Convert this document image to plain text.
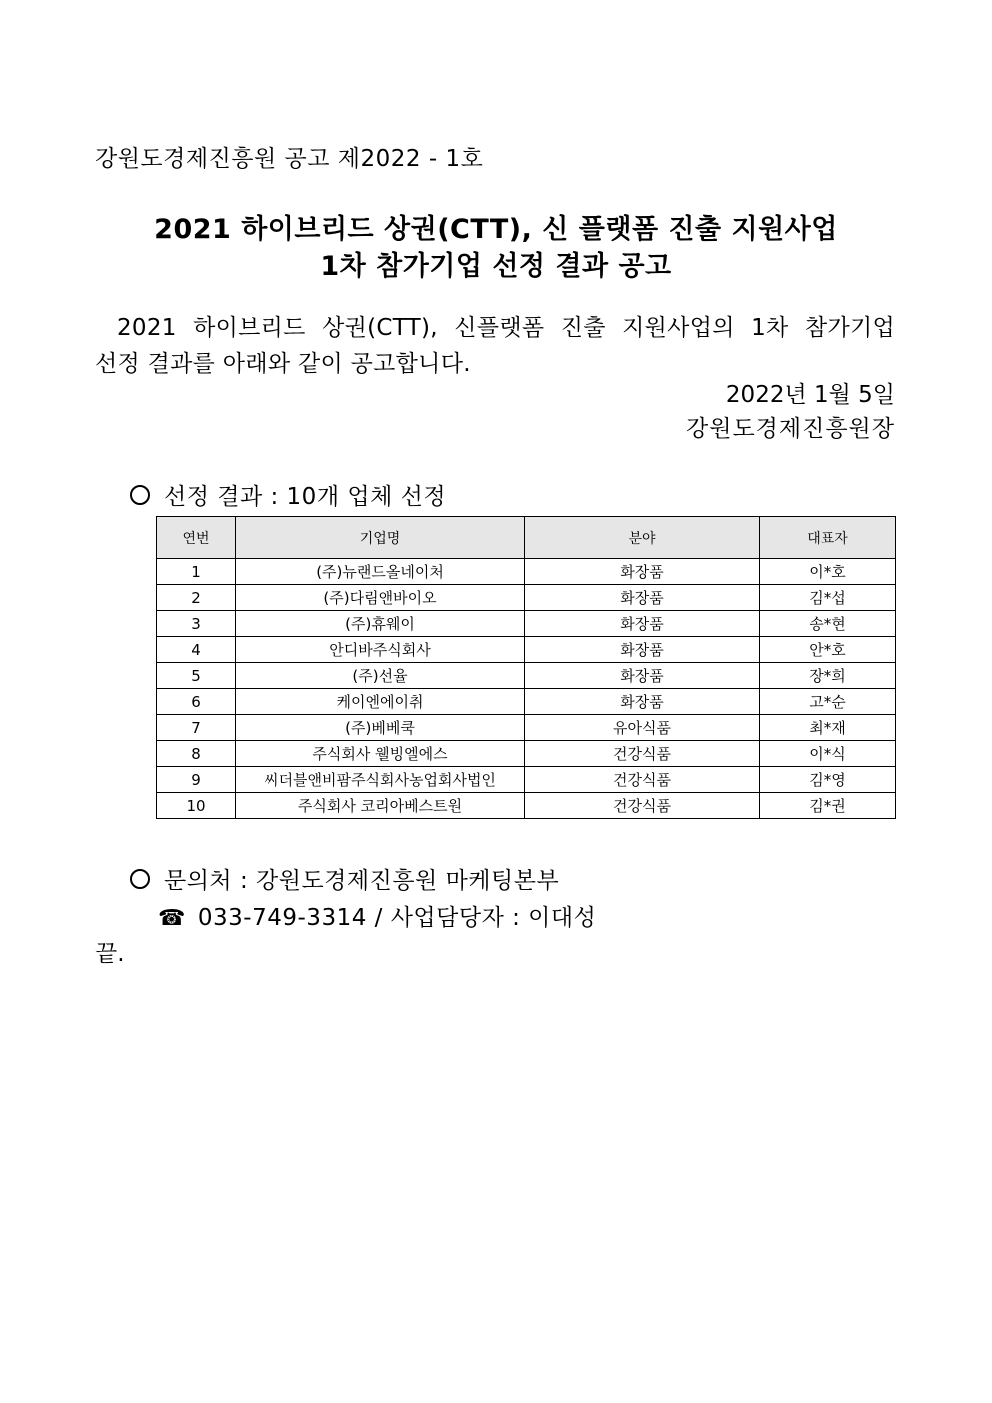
강원도경제진흥원 공고 제2022 - 1호
2021 하이브리드 상권(CTT), 신 플랫폼 진출 지원사업
1차 참가기업 선정 결과 공고
2021 하이브리드 상권(CTT), 신플랫폼 진출 지원사업의 1차 참가기업
선정 결과를 아래와 같이 공고합니다.
2022년 1월 5일
강원도경제진흥원장
선정 결과 : 10개 업체 선정
연번	기업명	분야	대표자
1	(주)뉴랜드올네이처	화장품	이*호
2	(주)다림앤바이오	화장품	김*섭
3	(주)휴웨이	화장품	송*현
4	안디바주식회사	화장품	안*호
5	(주)선율	화장품	장*희
6	케이엔에이취	화장품	고*순
7	(주)베베쿡	유아식품	최*재
8	주식회사 웰빙엘에스	건강식품	이*식
9	씨더블앤비팜주식회사농업회사법인	건강식품	김*영
10	주식회사 코리아베스트원	건강식품	김*권
문의처 : 강원도경제진흥원 마케팅본부
☎ 033-749-3314 / 사업담당자 : 이대성
끝.
